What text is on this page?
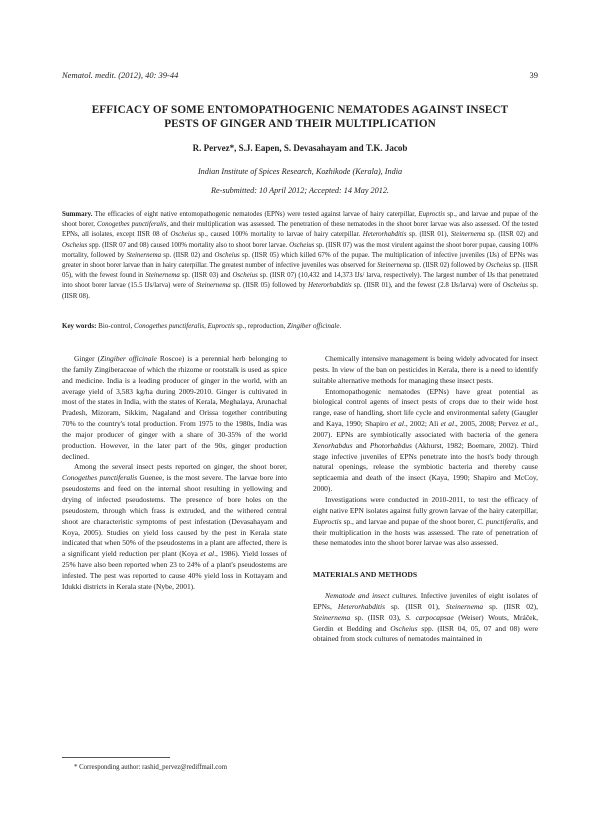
Nematol. medit. (2012), 40: 39-44	39
EFFICACY OF SOME ENTOMOPATHOGENIC NEMATODES AGAINST INSECT
PESTS OF GINGER AND THEIR MULTIPLICATION
R. Pervez*, S.J. Eapen, S. Devasahayam and T.K. Jacob
Indian Institute of Spices Research, Kozhikode (Kerala), India
Re-submitted: 10 April 2012; Accepted: 14 May 2012.
Summary. The efficacies of eight native entomopathogenic nematodes (EPNs) were tested against larvae of hairy caterpillar, Euproctis sp., and larvae and pupae of the shoot borer, Conogethes punctiferalis, and their multiplication was assessed. The penetration of these nematodes in the shoot borer larvae was also assessed. Of the tested EPNs, all isolates, except IISR 08 of Oscheius sp., caused 100% mortality to larvae of hairy caterpillar. Heterorhabditis sp. (IISR 01), Steinernema sp. (IISR 02) and Oscheius spp. (IISR 07 and 08) caused 100% mortality also to shoot borer larvae. Oscheius sp. (IISR 07) was the most virulent against the shoot borer pupae, causing 100% mortality, followed by Steinernema sp. (IISR 02) and Oscheius sp. (IISR 05) which killed 67% of the pupae. The multiplication of infective juveniles (IJs) of EPNs was greater in shoot borer larvae than in hairy caterpillar. The greatest number of infective juveniles was observed for Steinernema sp. (IISR 02) followed by Oscheius sp. (IISR 05), with the fewest found in Steinernema sp. (IISR 03) and Oscheius sp. (IISR 07) (10,432 and 14,373 IJs/ larva, respectively). The largest number of IJs that penetrated into shoot borer larvae (15.5 IJs/larva) were of Steinernema sp. (IISR 05) followed by Heterorhabditis sp. (IISR 01), and the fewest (2.8 IJs/larva) were of Oscheius sp. (IISR 08).
Key words: Bio-control, Conogethes punctiferalis, Euproctis sp., reproduction, Zingiber officinale.

Ginger (Zingiber officinale Roscoe) is a perennial herb belonging to the family Zingiberaceae of which the rhizome or rootstalk is used as spice and medicine. India is a leading producer of ginger in the world, with an average yield of 3,583 kg/ha during 2009-2010. Ginger is cultivated in most of the states in India, with the states of Kerala, Meghalaya, Arunachal Pradesh, Mizoram, Sikkim, Nagaland and Orissa together contributing 70% to the country's total production. From 1975 to the 1980s, India was the major producer of ginger with a share of 30-35% of the world production. However, in the later part of the 90s, ginger production declined.

Among the several insect pests reported on ginger, the shoot borer, Conogethes punctiferalis Guenee, is the most severe. The larvae bore into pseudostems and feed on the internal shoot resulting in yellowing and drying of infected pseudostems. The presence of bore holes on the pseudostem, through which frass is extruded, and the withered central shoot are characteristic symptoms of pest infestation (Devasahayam and Koya, 2005). Studies on yield loss caused by the pest in Kerala state indicated that when 50% of the pseudostems in a plant are affected, there is a significant yield reduction per plant (Koya et al., 1986). Yield losses of 25% have also been reported when 23 to 24% of a plant's pseudostems are infested. The pest was reported to cause 40% yield loss in Kottayam and Idukki districts in Kerala state (Nybe, 2001).

Chemically intensive management is being widely advocated for insect pests. In view of the ban on pesticides in Kerala, there is a need to identify suitable alternative methods for managing these insect pests.

Entomopathogenic nematodes (EPNs) have great potential as biological control agents of insect pests of crops due to their wide host range, ease of handling, short life cycle and environmental safety (Gaugler and Kaya, 1990; Shapiro et al., 2002; Ali et al., 2005, 2008; Pervez et al., 2007). EPNs are symbiotically associated with bacteria of the genera Xenorhabdus and Photorhabdus (Akhurst, 1982; Boemare, 2002). Third stage infective juveniles of EPNs penetrate into the host's body through natural openings, release the symbiotic bacteria and thereby cause septicaemia and death of the insect (Kaya, 1990; Shapiro and McCoy, 2000).

Investigations were conducted in 2010-2011, to test the efficacy of eight native EPN isolates against fully grown larvae of the hairy caterpillar, Euproctis sp., and larvae and pupae of the shoot borer, C. punctiferalis, and their multiplication in the hosts was assessed. The rate of penetration of these nematodes into the shoot borer larvae was also assessed.

MATERIALS AND METHODS

Nematode and insect cultures. Infective juveniles of eight isolates of EPNs, Heterorhabditis sp. (IISR 01), Steinernema sp. (IISR 02), Steinernema sp. (IISR 03), S. carpocapsae (Weiser) Wouts, Mráček, Gerdin et Bedding and Oscheius spp. (IISR 04, 05, 07 and 08) were obtained from stock cultures of nematodes maintained in

* Corresponding author: rashid_pervez@rediffmail.com
